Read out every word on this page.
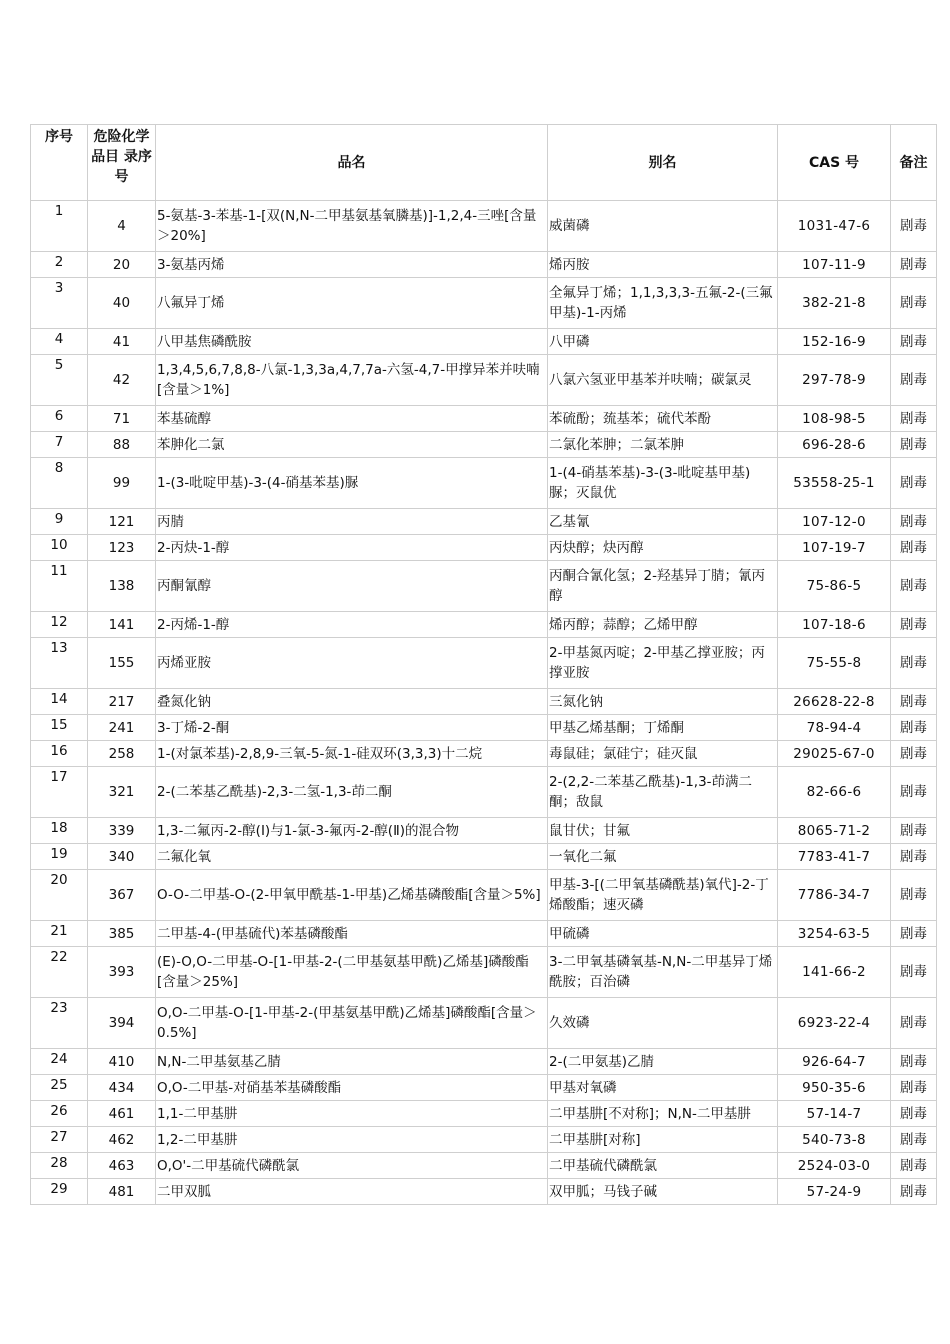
序号	危险化学品目 录序号	品名	别名	CAS 号	备注
1	4	5-氨基-3-苯基-1-[双(N,N-二甲基氨基氧膦基)]-1,2,4-三唑[含量＞20%]	威菌磷	1031-47-6	剧毒
2	20	3-氨基丙烯	烯丙胺	107-11-9	剧毒
3	40	八氟异丁烯	全氟异丁烯；1,1,3,3,3-五氟-2-(三氟甲基)-1-丙烯	382-21-8	剧毒
4	41	八甲基焦磷酰胺	八甲磷	152-16-9	剧毒
5	42	1,3,4,5,6,7,8,8-八氯-1,3,3a,4,7,7a-六氢-4,7-甲撑异苯并呋喃[含量＞1%]	八氯六氢亚甲基苯并呋喃；碳氯灵	297-78-9	剧毒
6	71	苯基硫醇	苯硫酚；巯基苯；硫代苯酚	108-98-5	剧毒
7	88	苯胂化二氯	二氯化苯胂；二氯苯胂	696-28-6	剧毒
8	99	1-(3-吡啶甲基)-3-(4-硝基苯基)脲	1-(4-硝基苯基)-3-(3-吡啶基甲基)脲；灭鼠优	53558-25-1	剧毒
9	121	丙腈	乙基氰	107-12-0	剧毒
10	123	2-丙炔-1-醇	丙炔醇；炔丙醇	107-19-7	剧毒
11	138	丙酮氰醇	丙酮合氰化氢；2-羟基异丁腈；氰丙醇	75-86-5	剧毒
12	141	2-丙烯-1-醇	烯丙醇；蒜醇；乙烯甲醇	107-18-6	剧毒
13	155	丙烯亚胺	2-甲基氮丙啶；2-甲基乙撑亚胺；丙撑亚胺	75-55-8	剧毒
14	217	叠氮化钠	三氮化钠	26628-22-8	剧毒
15	241	3-丁烯-2-酮	甲基乙烯基酮；丁烯酮	78-94-4	剧毒
16	258	1-(对氯苯基)-2,8,9-三氧-5-氮-1-硅双环(3,3,3)十二烷	毒鼠硅；氯硅宁；硅灭鼠	29025-67-0	剧毒
17	321	2-(二苯基乙酰基)-2,3-二氢-1,3-茚二酮	2-(2,2-二苯基乙酰基)-1,3-茚满二酮；敌鼠	82-66-6	剧毒
18	339	1,3-二氟丙-2-醇(Ⅰ)与1-氯-3-氟丙-2-醇(Ⅱ)的混合物	鼠甘伏；甘氟	8065-71-2	剧毒
19	340	二氟化氧	一氧化二氟	7783-41-7	剧毒
20	367	O-O-二甲基-O-(2-甲氧甲酰基-1-甲基)乙烯基磷酸酯[含量＞5%]	甲基-3-[(二甲氧基磷酰基)氧代]-2-丁烯酸酯；速灭磷	7786-34-7	剧毒
21	385	二甲基-4-(甲基硫代)苯基磷酸酯	甲硫磷	3254-63-5	剧毒
22	393	(E)-O,O-二甲基-O-[1-甲基-2-(二甲基氨基甲酰)乙烯基]磷酸酯[含量＞25%]	3-二甲氧基磷氧基-N,N-二甲基异丁烯酰胺；百治磷	141-66-2	剧毒
23	394	O,O-二甲基-O-[1-甲基-2-(甲基氨基甲酰)乙烯基]磷酸酯[含量＞0.5%]	久效磷	6923-22-4	剧毒
24	410	N,N-二甲基氨基乙腈	2-(二甲氨基)乙腈	926-64-7	剧毒
25	434	O,O-二甲基-对硝基苯基磷酸酯	甲基对氧磷	950-35-6	剧毒
26	461	1,1-二甲基肼	二甲基肼[不对称]；N,N-二甲基肼	57-14-7	剧毒
27	462	1,2-二甲基肼	二甲基肼[对称]	540-73-8	剧毒
28	463	O,O'-二甲基硫代磷酰氯	二甲基硫代磷酰氯	2524-03-0	剧毒
29	481	二甲双胍	双甲胍；马钱子碱	57-24-9	剧毒
